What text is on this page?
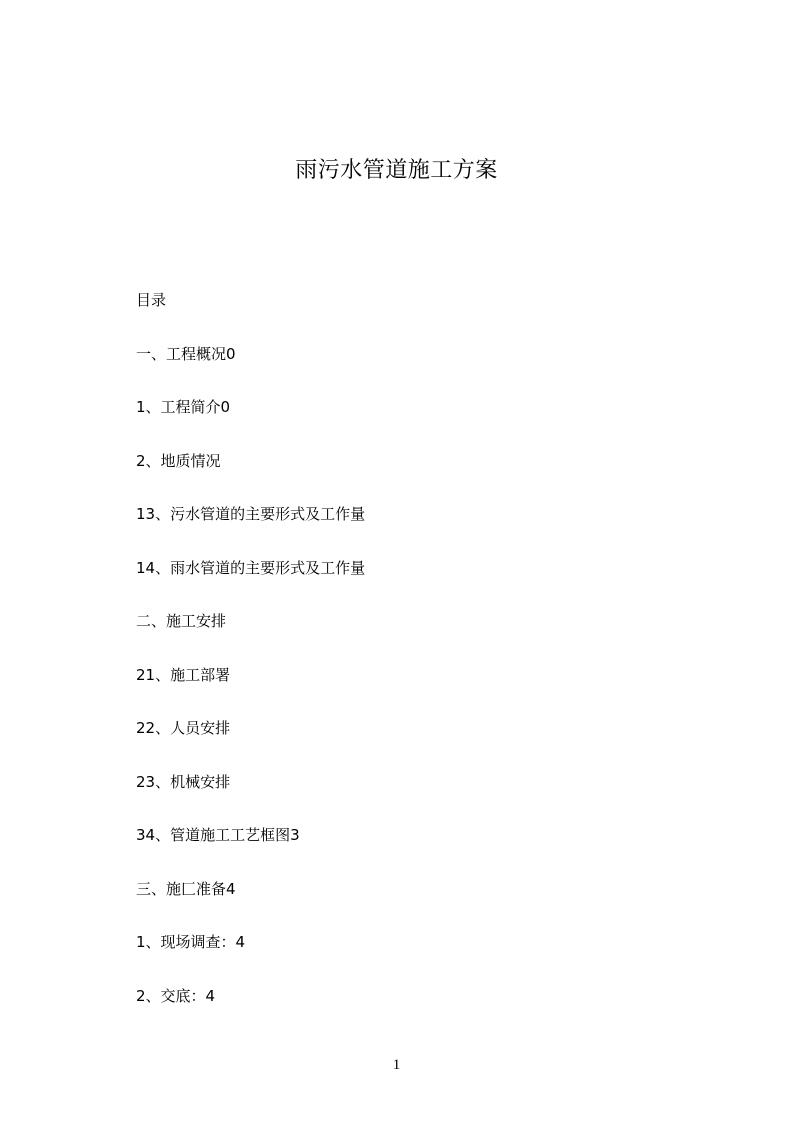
雨污水管道施工方案
目录
一、工程概况0
1、工程简介0
2、地质情况
13、污水管道的主要形式及工作量
14、雨水管道的主要形式及工作量
二、施工安排
21、施工部署
22、人员安排
23、机械安排
34、管道施工工艺框图3
三、施匚准备4
1、现场调查：4
2、交底：4
1
